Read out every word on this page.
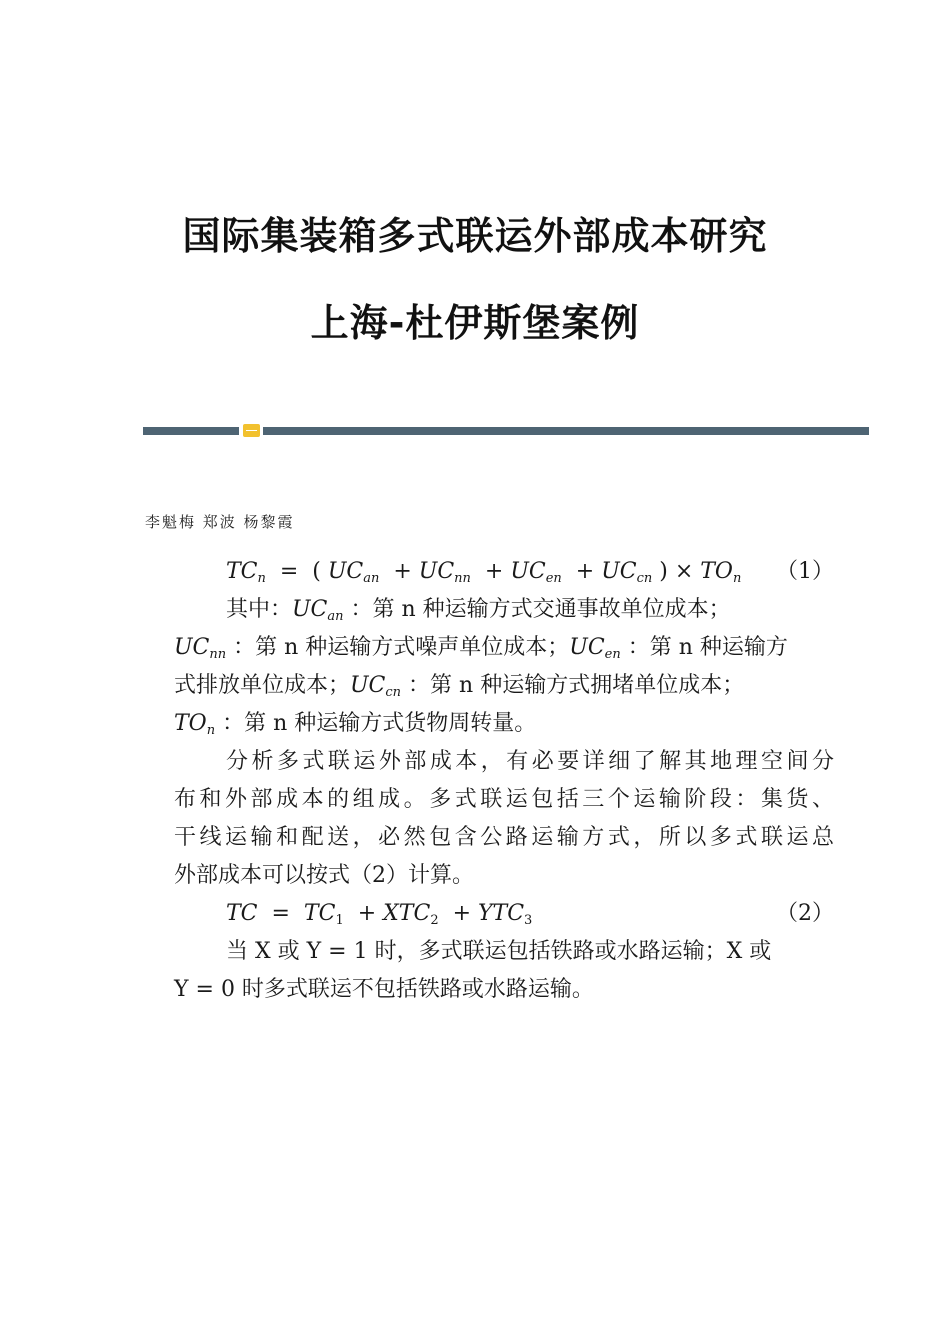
国际集装箱多式联运外部成本研究
上海-杜伊斯堡案例
李魁梅 郑波 杨黎霞
$TC_n$  =  ( $UC_{an} + UC_{nn} + UC_{en} + UC_{cn}$ ) × $TO_n$ （1）
其中：$UC_{an}$ ：第 n 种运输方式交通事故单位成本；
$UC_{nn}$ ：第 n 种运输方式噪声单位成本；$UC_{en}$ ：第 n 种运输方
式排放单位成本；$UC_{cn}$ ：第 n 种运输方式拥堵单位成本；
$TO_n$ ：第 n 种运输方式货物周转量。
分析多式联运外部成本，有必要详细了解其地理空间分
布和外部成本的组成。多式联运包括三个运输阶段：集货、
干线运输和配送，必然包含公路运输方式，所以多式联运总
外部成本可以按式（2）计算。
TC  =  $TC_1 + XTC_2 + YTC_3$	（2）
当 X 或 Y = 1 时，多式联运包括铁路或水路运输；X 或
Y = 0 时多式联运不包括铁路或水路运输。
